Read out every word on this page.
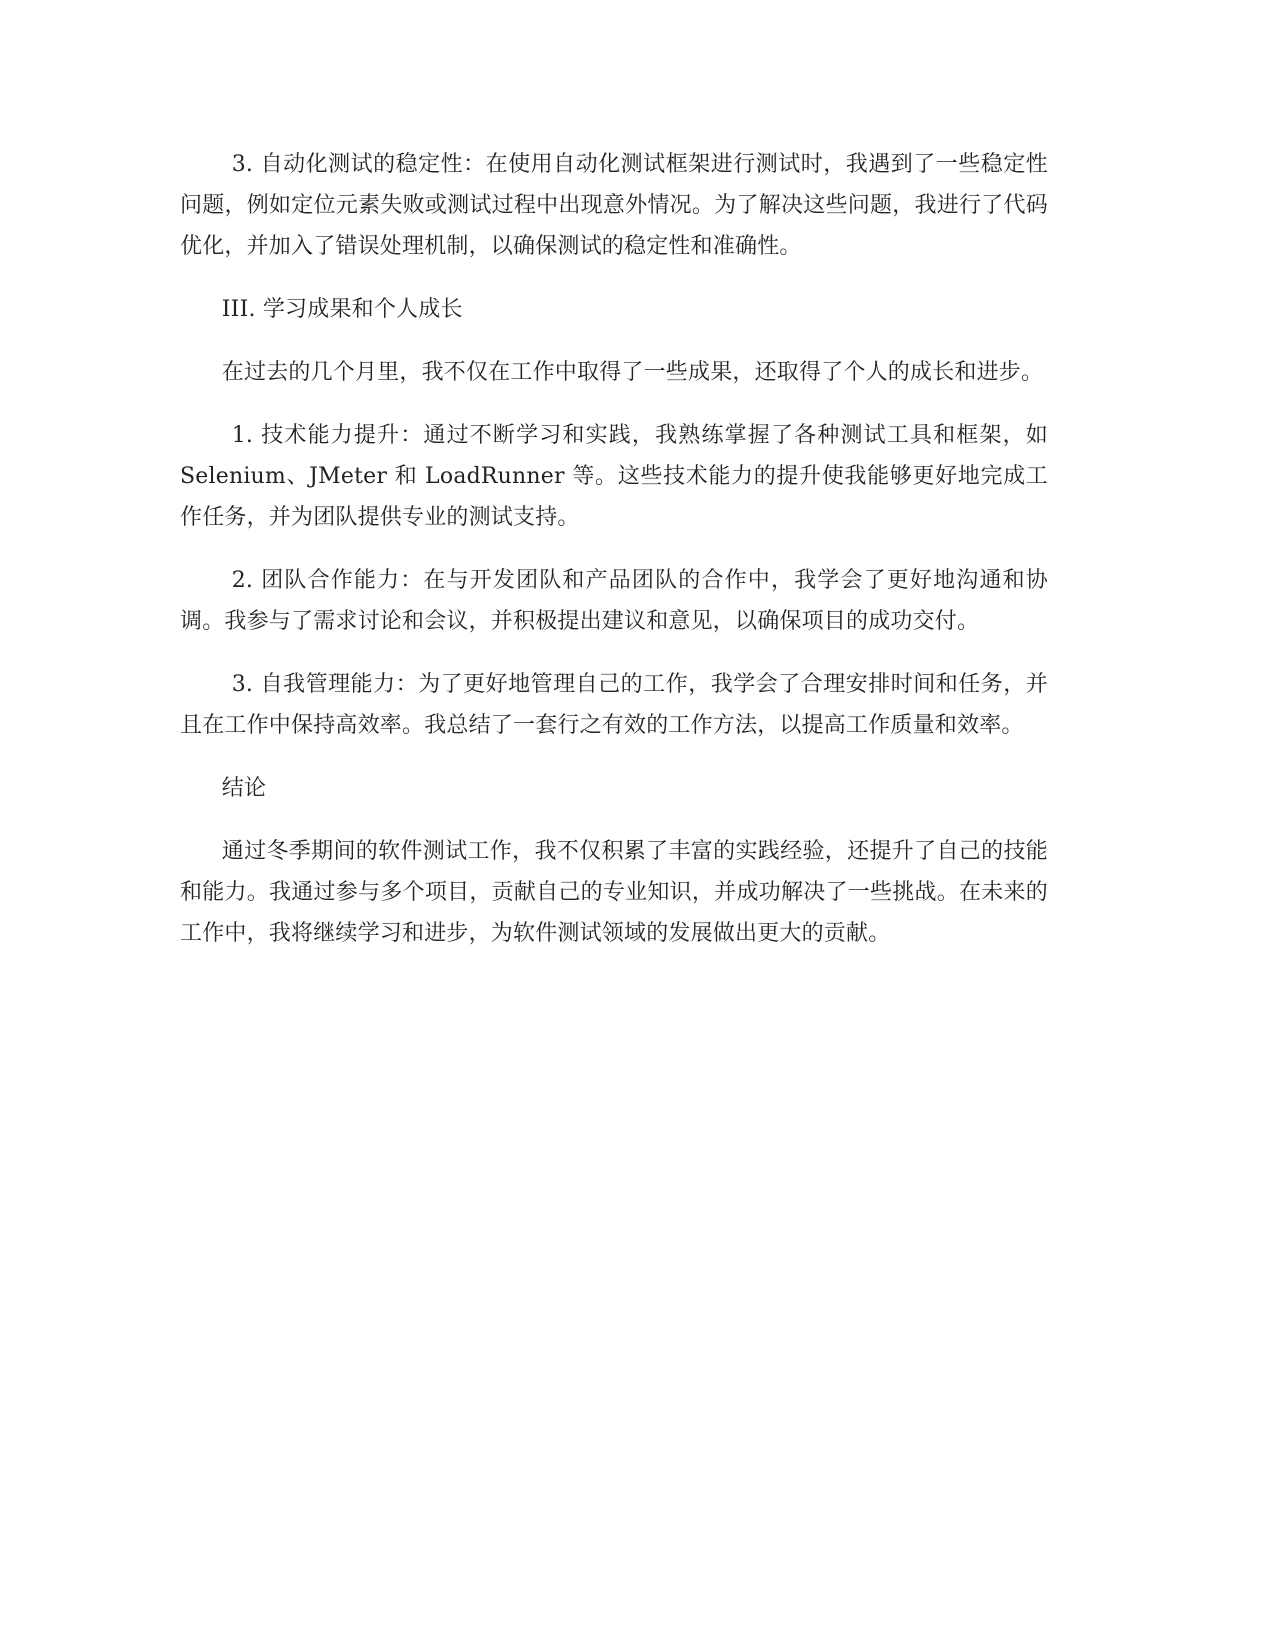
3. 自动化测试的稳定性：在使用自动化测试框架进行测试时，我遇到了一些稳定性问题，例如定位元素失败或测试过程中出现意外情况。为了解决这些问题，我进行了代码优化，并加入了错误处理机制，以确保测试的稳定性和准确性。

III. 学习成果和个人成长

在过去的几个月里，我不仅在工作中取得了一些成果，还取得了个人的成长和进步。

1. 技术能力提升：通过不断学习和实践，我熟练掌握了各种测试工具和框架，如 Selenium、JMeter 和 LoadRunner 等。这些技术能力的提升使我能够更好地完成工作任务，并为团队提供专业的测试支持。

2. 团队合作能力：在与开发团队和产品团队的合作中，我学会了更好地沟通和协调。我参与了需求讨论和会议，并积极提出建议和意见，以确保项目的成功交付。

3. 自我管理能力：为了更好地管理自己的工作，我学会了合理安排时间和任务，并且在工作中保持高效率。我总结了一套行之有效的工作方法，以提高工作质量和效率。

结论

通过冬季期间的软件测试工作，我不仅积累了丰富的实践经验，还提升了自己的技能和能力。我通过参与多个项目，贡献自己的专业知识，并成功解决了一些挑战。在未来的工作中，我将继续学习和进步，为软件测试领域的发展做出更大的贡献。
